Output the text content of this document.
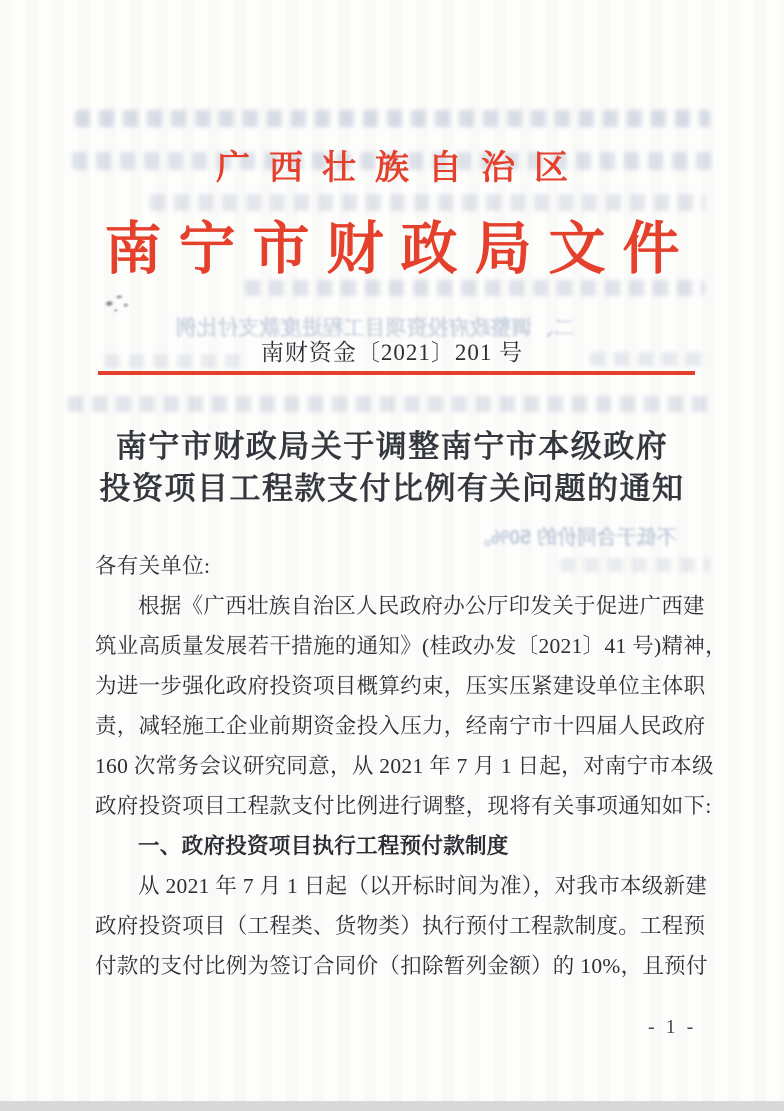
二、调整政府投资项目工程进度款支付比例
不低于合同价的 50%。
广西壮族自治区
南宁市财政局文件
南财资金〔2021〕201 号
南宁市财政局关于调整南宁市本级政府
投资项目工程款支付比例有关问题的通知
各有关单位:
根据《广西壮族自治区人民政府办公厅印发关于促进广西建
筑业高质量发展若干措施的通知》(桂政办发〔2021〕41 号)精神，
为进一步强化政府投资项目概算约束，压实压紧建设单位主体职
责，减轻施工企业前期资金投入压力，经南宁市十四届人民政府
160 次常务会议研究同意，从 2021 年 7 月 1 日起，对南宁市本级
政府投资项目工程款支付比例进行调整，现将有关事项通知如下:
一、政府投资项目执行工程预付款制度
从 2021 年 7 月 1 日起（以开标时间为准），对我市本级新建
政府投资项目（工程类、货物类）执行预付工程款制度。工程预
付款的支付比例为签订合同价（扣除暂列金额）的 10%，且预付
- 1 -
